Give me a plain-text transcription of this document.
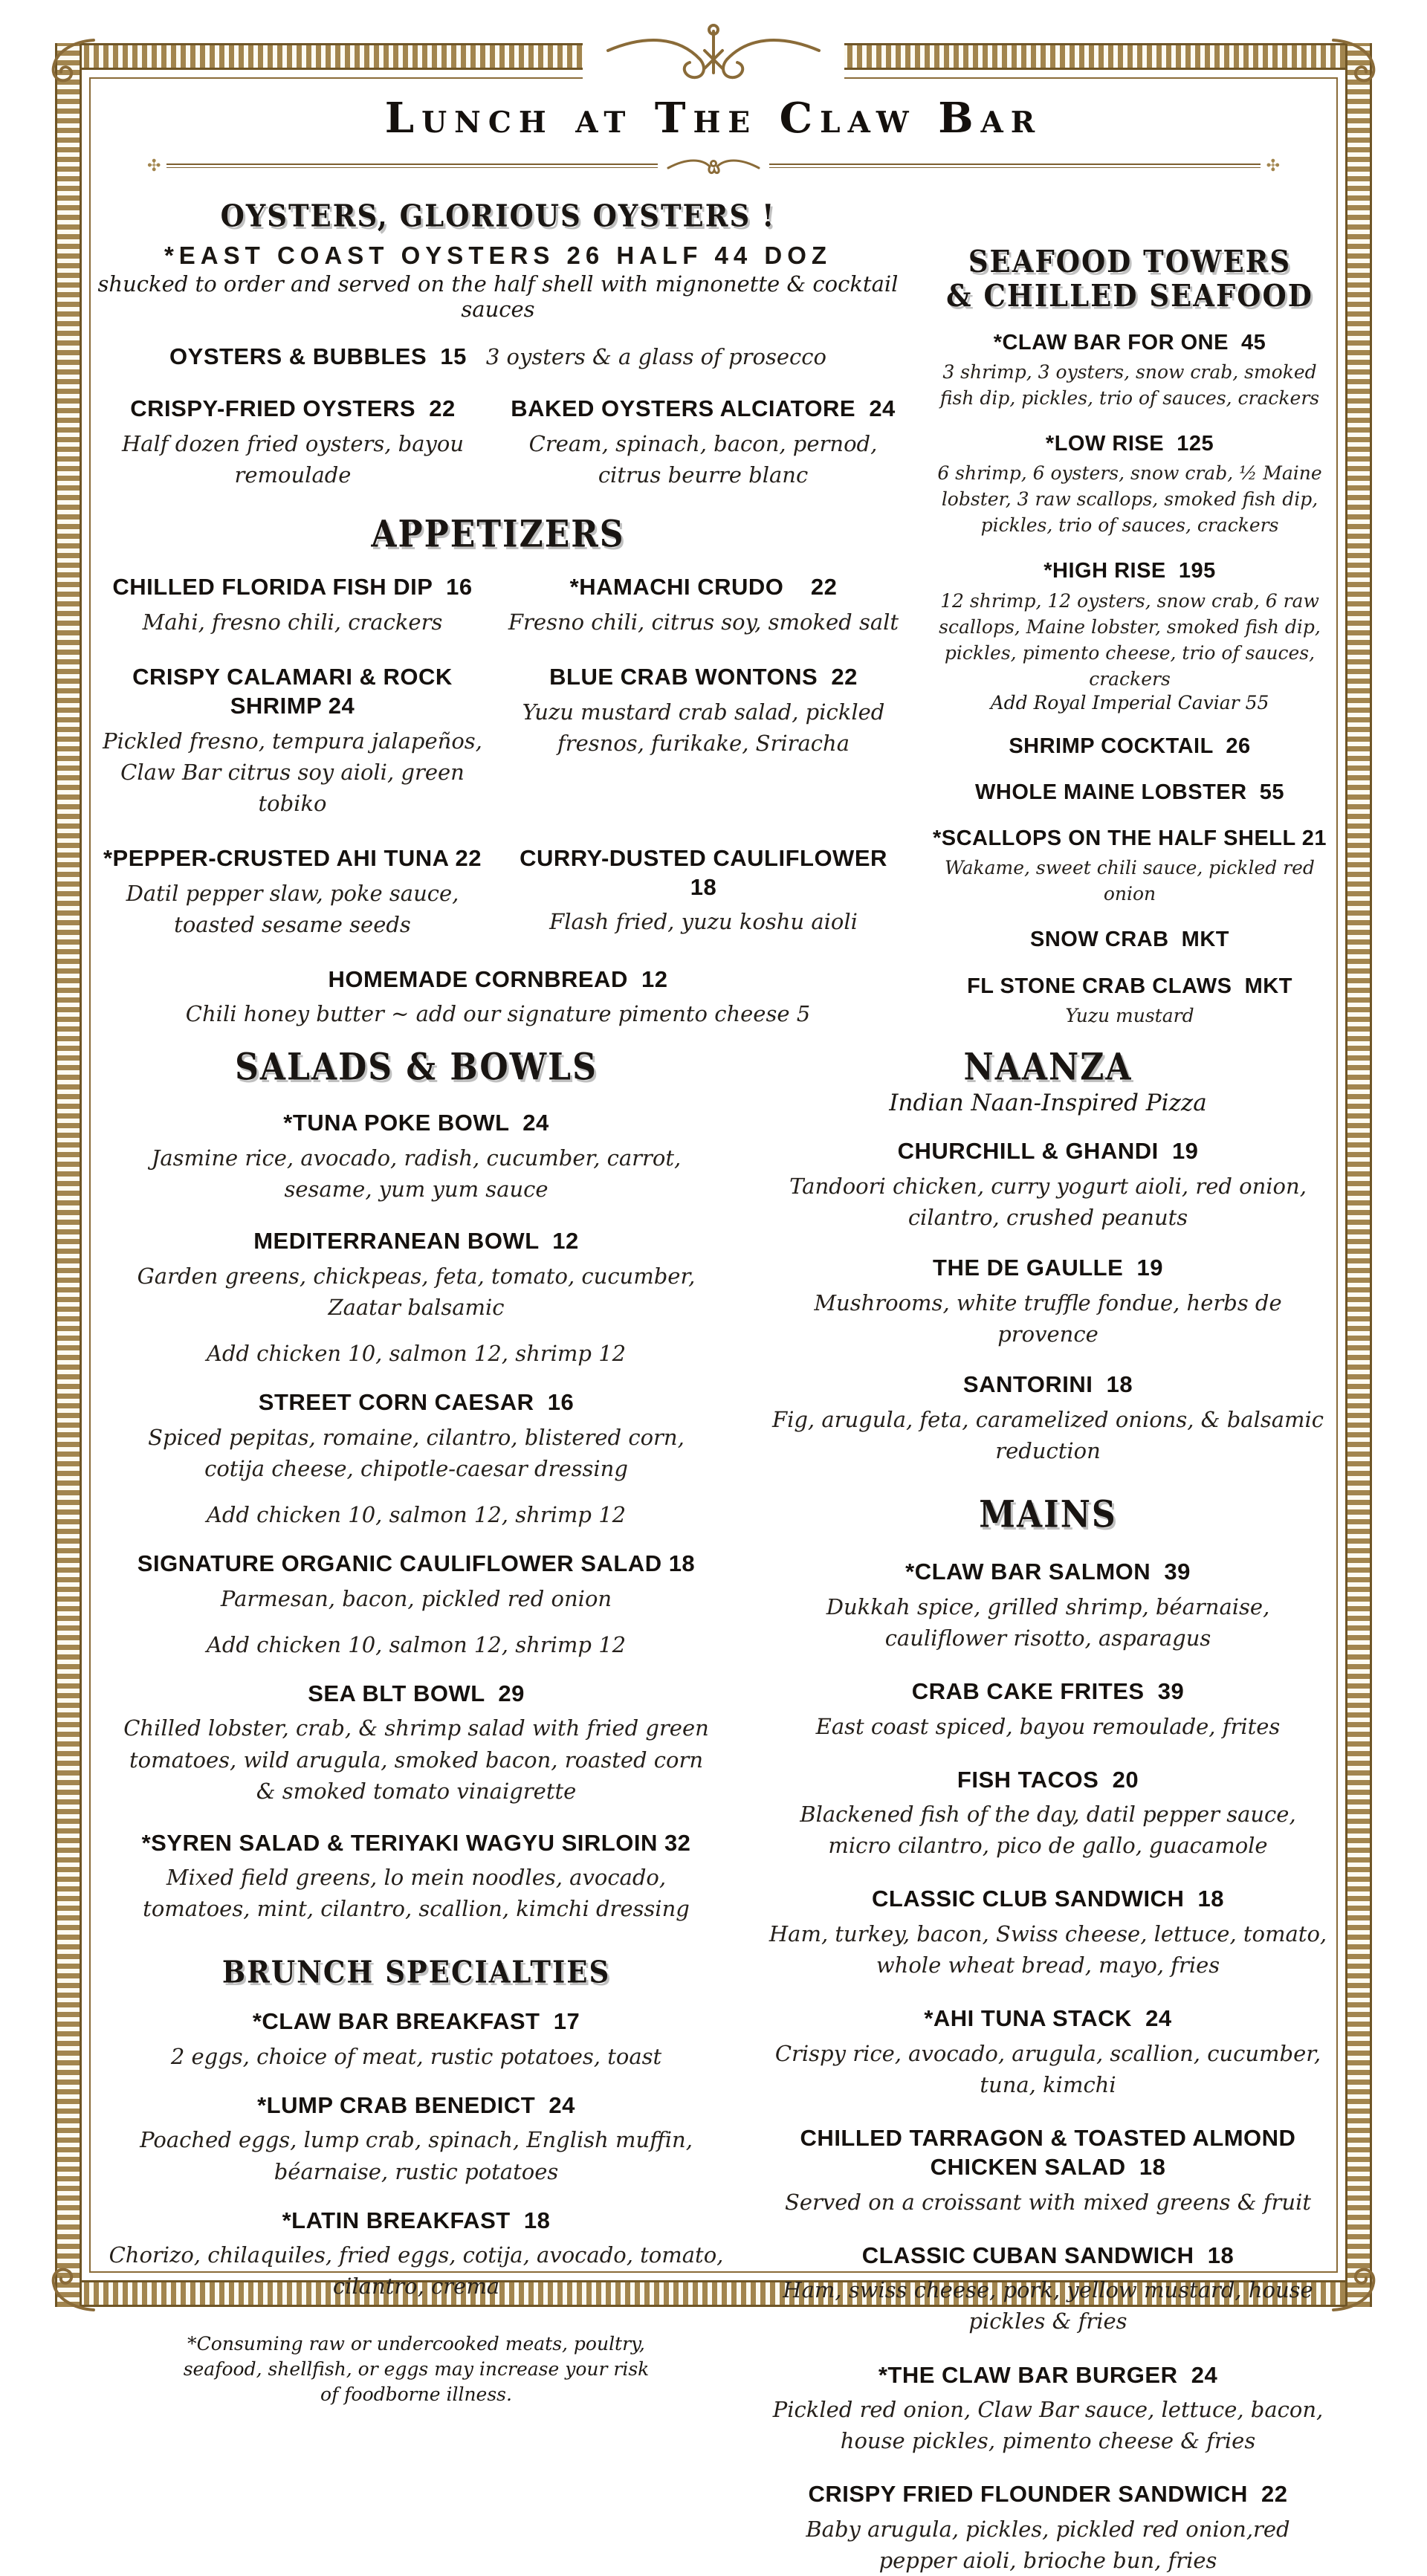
Lunch at The Claw Bar
✣	✣
OYSTERS, GLORIOUS OYSTERS !
*EAST COAST OYSTERS 26 HALF 44 DOZ
shucked to order and served on the half shell with mignonette & cocktail sauces
OYSTERS & BUBBLES  15 3 oysters & a glass of prosecco
CRISPY-FRIED OYSTERS  22
Half dozen fried oysters, bayou remoulade
BAKED OYSTERS ALCIATORE  24
Cream, spinach, bacon, pernod, citrus beurre blanc
APPETIZERS
CHILLED FLORIDA FISH DIP  16
Mahi, fresno chili, crackers
*HAMACHI CRUDO    22
Fresno chili, citrus soy, smoked salt
CRISPY CALAMARI & ROCK SHRIMP 24
Pickled fresno, tempura jalapeños, Claw Bar citrus soy aioli, green tobiko
BLUE CRAB WONTONS  22
Yuzu mustard crab salad, pickled fresnos, furikake, Sriracha
*PEPPER-CRUSTED AHI TUNA 22
Datil pepper slaw, poke sauce, toasted sesame seeds
CURRY-DUSTED CAULIFLOWER  18
Flash fried, yuzu koshu aioli
HOMEMADE CORNBREAD  12
Chili honey butter ~ add our signature pimento cheese 5
SEAFOOD TOWERS
& CHILLED SEAFOOD
*CLAW BAR FOR ONE  45
3 shrimp, 3 oysters, snow crab, smoked fish dip, pickles, trio of sauces, crackers
*LOW RISE  125
6 shrimp, 6 oysters, snow crab, ½ Maine lobster, 3 raw scallops, smoked fish dip, pickles, trio of sauces, crackers
*HIGH RISE  195
12 shrimp, 12 oysters, snow crab, 6 raw scallops, Maine lobster, smoked fish dip, pickles, pimento cheese, trio of sauces, crackers
Add Royal Imperial Caviar 55
SHRIMP COCKTAIL  26
WHOLE MAINE LOBSTER  55
*SCALLOPS ON THE HALF SHELL 21
Wakame, sweet chili sauce, pickled red onion
SNOW CRAB  MKT
FL STONE CRAB CLAWS  MKT
Yuzu mustard
SALADS & BOWLS
*TUNA POKE BOWL  24
Jasmine rice, avocado, radish, cucumber, carrot, sesame, yum yum sauce
MEDITERRANEAN BOWL  12
Garden greens, chickpeas, feta, tomato, cucumber, Zaatar balsamic
Add chicken 10, salmon 12, shrimp 12
STREET CORN CAESAR  16
Spiced pepitas, romaine, cilantro, blistered corn, cotija cheese, chipotle-caesar dressing
Add chicken 10, salmon 12, shrimp 12
SIGNATURE ORGANIC CAULIFLOWER SALAD 18
Parmesan, bacon, pickled red onion
Add chicken 10, salmon 12, shrimp 12
SEA BLT BOWL  29
Chilled lobster, crab, & shrimp salad with fried green tomatoes, wild arugula, smoked bacon, roasted corn & smoked tomato vinaigrette
*SYREN SALAD & TERIYAKI WAGYU SIRLOIN 32
Mixed field greens, lo mein noodles, avocado, tomatoes, mint, cilantro, scallion, kimchi dressing
BRUNCH SPECIALTIES
*CLAW BAR BREAKFAST  17
2 eggs, choice of meat, rustic potatoes, toast
*LUMP CRAB BENEDICT  24
Poached eggs, lump crab, spinach, English muffin, béarnaise, rustic potatoes
*LATIN BREAKFAST  18
Chorizo, chilaquiles, fried eggs, cotija, avocado, tomato, cilantro, crema

*Consuming raw or undercooked meats, poultry, seafood, shellfish, or eggs may increase your risk of foodborne illness.

NAANZA
Indian Naan-Inspired Pizza
CHURCHILL & GHANDI  19
Tandoori chicken, curry yogurt aioli, red onion, cilantro, crushed peanuts
THE DE GAULLE  19
Mushrooms, white truffle fondue, herbs de provence
SANTORINI  18
Fig, arugula, feta, caramelized onions, & balsamic reduction
MAINS
*CLAW BAR SALMON  39
Dukkah spice, grilled shrimp, béarnaise, cauliflower risotto, asparagus
CRAB CAKE FRITES  39
East coast spiced, bayou remoulade, frites
FISH TACOS  20
Blackened fish of the day, datil pepper sauce, micro cilantro, pico de gallo, guacamole
CLASSIC CLUB SANDWICH  18
Ham, turkey, bacon, Swiss cheese, lettuce, tomato, whole wheat bread, mayo, fries
*AHI TUNA STACK  24
Crispy rice, avocado, arugula, scallion, cucumber, tuna, kimchi
CHILLED TARRAGON & TOASTED ALMOND CHICKEN SALAD  18
Served on a croissant with mixed greens & fruit
CLASSIC CUBAN SANDWICH  18
Ham, swiss cheese, pork, yellow mustard, house pickles & fries
*THE CLAW BAR BURGER  24
Pickled red onion, Claw Bar sauce, lettuce, bacon, house pickles, pimento cheese & fries
CRISPY FRIED FLOUNDER SANDWICH  22
Baby arugula, pickles, pickled red onion,red pepper aioli, brioche bun, fries
